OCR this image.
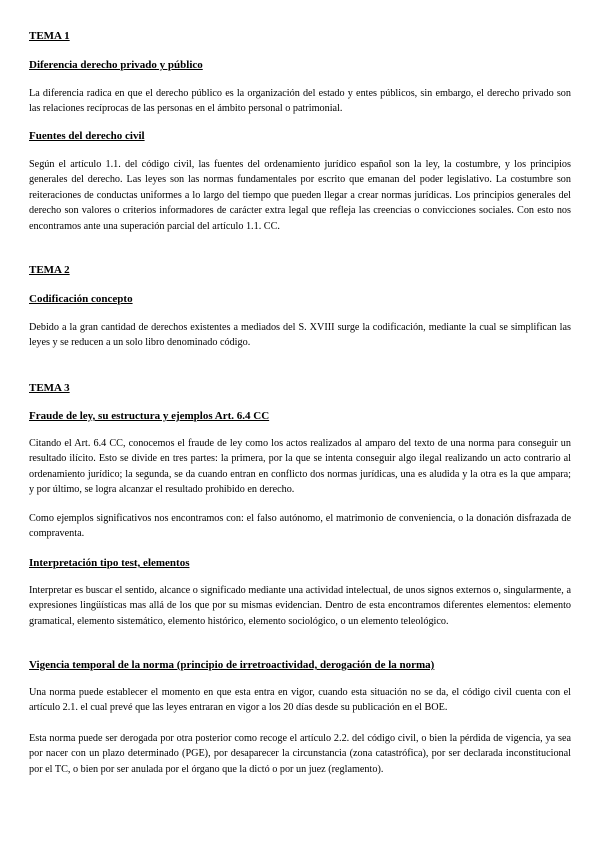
TEMA 1
Diferencia derecho privado y público
La diferencia radica en que el derecho público es la organización del estado y entes públicos, sin embargo, el derecho privado son las relaciones recíprocas de las personas en el ámbito personal o patrimonial.
Fuentes del derecho civil
Según el artículo 1.1. del código civil, las fuentes del ordenamiento jurídico español son la ley, la costumbre, y los principios generales del derecho. Las leyes son las normas fundamentales por escrito que emanan del poder legislativo. La costumbre son reiteraciones de conductas uniformes a lo largo del tiempo que pueden llegar a crear normas jurídicas. Los principios generales del derecho son valores o criterios informadores de carácter extra legal que refleja las creencias o convicciones sociales. Con esto nos encontramos ante una superación parcial del artículo 1.1. CC.
TEMA 2
Codificación concepto
Debido a la gran cantidad de derechos existentes a mediados del S. XVIII surge la codificación, mediante la cual se simplifican las leyes y se reducen a un solo libro denominado código.
TEMA 3
Fraude de ley, su estructura y ejemplos Art. 6.4 CC
Citando el Art. 6.4 CC, conocemos el fraude de ley como los actos realizados al amparo del texto de una norma para conseguir un resultado ilícito. Esto se divide en tres partes: la primera, por la que se intenta conseguir algo ilegal realizando un acto contrario al ordenamiento jurídico; la segunda, se da cuando entran en conflicto dos normas jurídicas, una es aludida y la otra es la que ampara; y por último, se logra alcanzar el resultado prohibido en derecho.
Como ejemplos significativos nos encontramos con: el falso autónomo, el matrimonio de conveniencia, o la donación disfrazada de compraventa.
Interpretación tipo test, elementos
Interpretar es buscar el sentido, alcance o significado mediante una actividad intelectual, de unos signos externos o, singularmente, a expresiones lingüísticas mas allá de los que por su mismas evidencian. Dentro de esta encontramos diferentes elementos: elemento gramatical, elemento sistemático, elemento histórico, elemento sociológico, o un elemento teleológico.
Vigencia temporal de la norma (principio de irretroactividad, derogación de la norma)
Una norma puede establecer el momento en que esta entra en vigor, cuando esta situación no se da, el código civil cuenta con el artículo 2.1. el cual prevé que las leyes entraran en vigor a los 20 días desde su publicación en el BOE.
Esta norma puede ser derogada por otra posterior como recoge el artículo 2.2. del código civil, o bien la pérdida de vigencia, ya sea por nacer con un plazo determinado (PGE), por desaparecer la circunstancia (zona catastrófica), por ser declarada inconstitucional por el TC, o bien por ser anulada por el órgano que la dictó o por un juez (reglamento).
